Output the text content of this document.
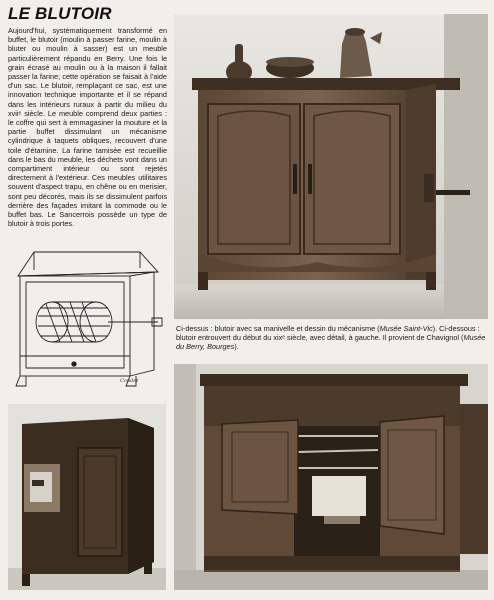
LE BLUTOIR
Aujourd'hui, systématiquement transformé en buffet, le blutoir (moulin à passer farine, moulin à bluter ou moulin à sasser) est un meuble particulièrement répandu en Berry. Une fois le grain écrasé au moulin ou à la maison il fallait passer la farine; cette opération se faisait à l'aide d'un sac. Le blutoir, remplaçant ce sac, est une innovation technique importante et il se répand dans les intérieurs ruraux à partir du milieu du xviiᵉ siècle. Le meuble comprend deux parties : le coffre qui sert à emmagasiner la mouture et la partie buffet dissimulant un mécanisme cylindrique à taquets obliques, recouvert d'une toile d'étamine. La farine tamisée est recueillie dans le bas du meuble, les déchets vont dans un compartiment intérieur ou sont rejetés directement à l'extérieur. Ces meubles utilitaires souvent d'aspect trapu, en chêne ou en merisier, sont peu décorés, mais ils se dissimulent parfois derrière des façades imitant la commode ou le buffet bas. Le Sancerrois possède un type de blutoir à trois portes.
Ci-dessus : blutoir avec sa manivelle et dessin du mécanisme (Musée Saint-Vic). Ci-dessous : blutoir entrouvert du début du xixᵉ siècle, avec détail, à gauche. Il provient de Chavignol (Musée du Berry, Bourges).
Coudet
